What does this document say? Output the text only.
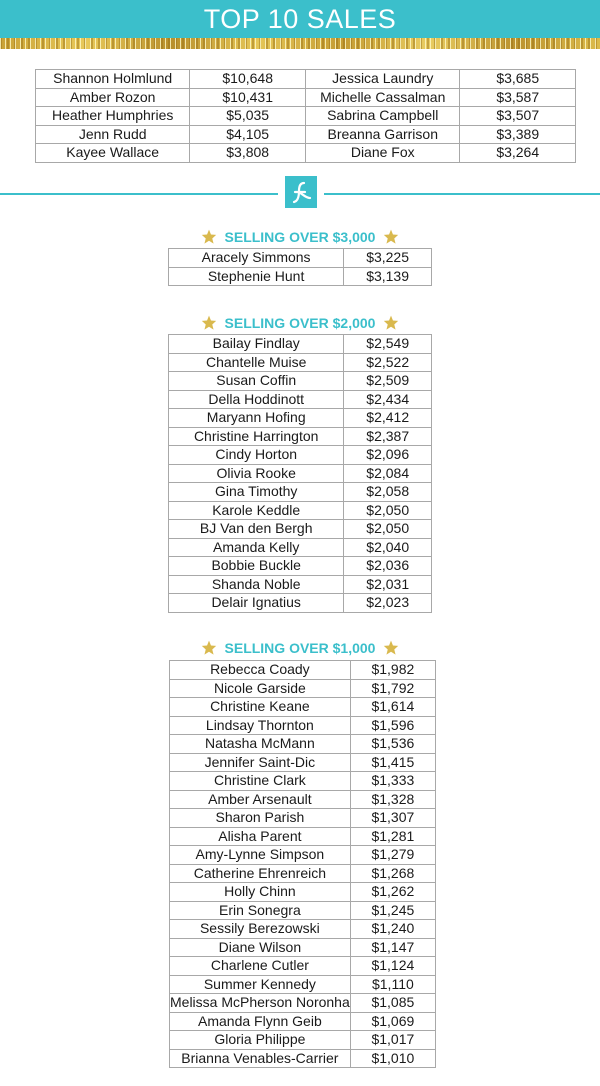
TOP 10 SALES
Shannon Holmlund	$10,648	Jessica Laundry	$3,685
Amber Rozon	$10,431	Michelle Cassalman	$3,587
Heather Humphries	$5,035	Sabrina Campbell	$3,507
Jenn Rudd	$4,105	Breanna Garrison	$3,389
Kayee Wallace	$3,808	Diane Fox	$3,264
SELLING OVER $3,000
Aracely Simmons	$3,225
Stephenie Hunt	$3,139
SELLING OVER $2,000
Bailay Findlay	$2,549
Chantelle Muise	$2,522
Susan Coffin	$2,509
Della Hoddinott	$2,434
Maryann Hofing	$2,412
Christine Harrington	$2,387
Cindy Horton	$2,096
Olivia Rooke	$2,084
Gina Timothy	$2,058
Karole Keddle	$2,050
BJ Van den Bergh	$2,050
Amanda Kelly	$2,040
Bobbie Buckle	$2,036
Shanda Noble	$2,031
Delair Ignatius	$2,023
SELLING OVER $1,000
Rebecca Coady	$1,982
Nicole Garside	$1,792
Christine Keane	$1,614
Lindsay Thornton	$1,596
Natasha McMann	$1,536
Jennifer Saint-Dic	$1,415
Christine Clark	$1,333
Amber Arsenault	$1,328
Sharon Parish	$1,307
Alisha Parent	$1,281
Amy-Lynne Simpson	$1,279
Catherine Ehrenreich	$1,268
Holly Chinn	$1,262
Erin Sonegra	$1,245
Sessily Berezowski	$1,240
Diane Wilson	$1,147
Charlene Cutler	$1,124
Summer Kennedy	$1,110
Melissa McPherson Noronha	$1,085
Amanda Flynn Geib	$1,069
Gloria Philippe	$1,017
Brianna Venables-Carrier	$1,010
